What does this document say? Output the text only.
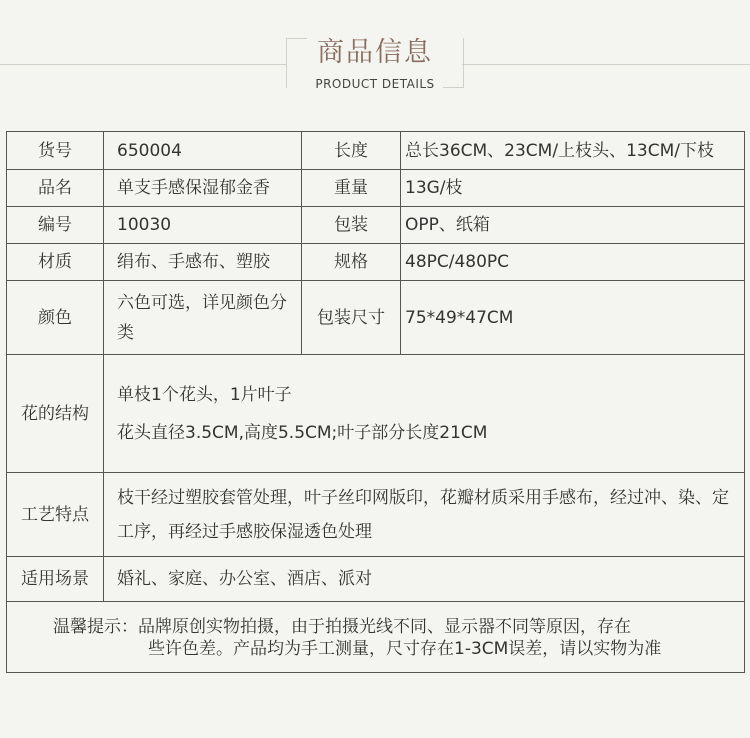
商品信息
PRODUCT DETAILS
货号	650004	长度	总长36CM、23CM/上枝头、13CM/下枝
品名	单支手感保湿郁金香	重量	13G/枝
编号	10030	包装	OPP、纸箱
材质	绢布、手感布、塑胶	规格	48PC/480PC
颜色	六色可选，详见颜色分类	包装尺寸	75*49*47CM
花的结构	单枝1个花头，1片叶子
花头直径3.5CM,高度5.5CM;叶子部分长度21CM		

工艺特点	枝干经过塑胶套管处理，叶子丝印网版印，花瓣材质采用手感布，经过冲、染、定工序，再经过手感胶保湿透色处理		
适用场景	婚礼、家庭、办公室、酒店、派对		

温馨提示：品牌原创实物拍摄，由于拍摄光线不同、显示器不同等原因，存在
些许色差。产品均为手工测量，尺寸存在1-3CM误差，请以实物为准			
